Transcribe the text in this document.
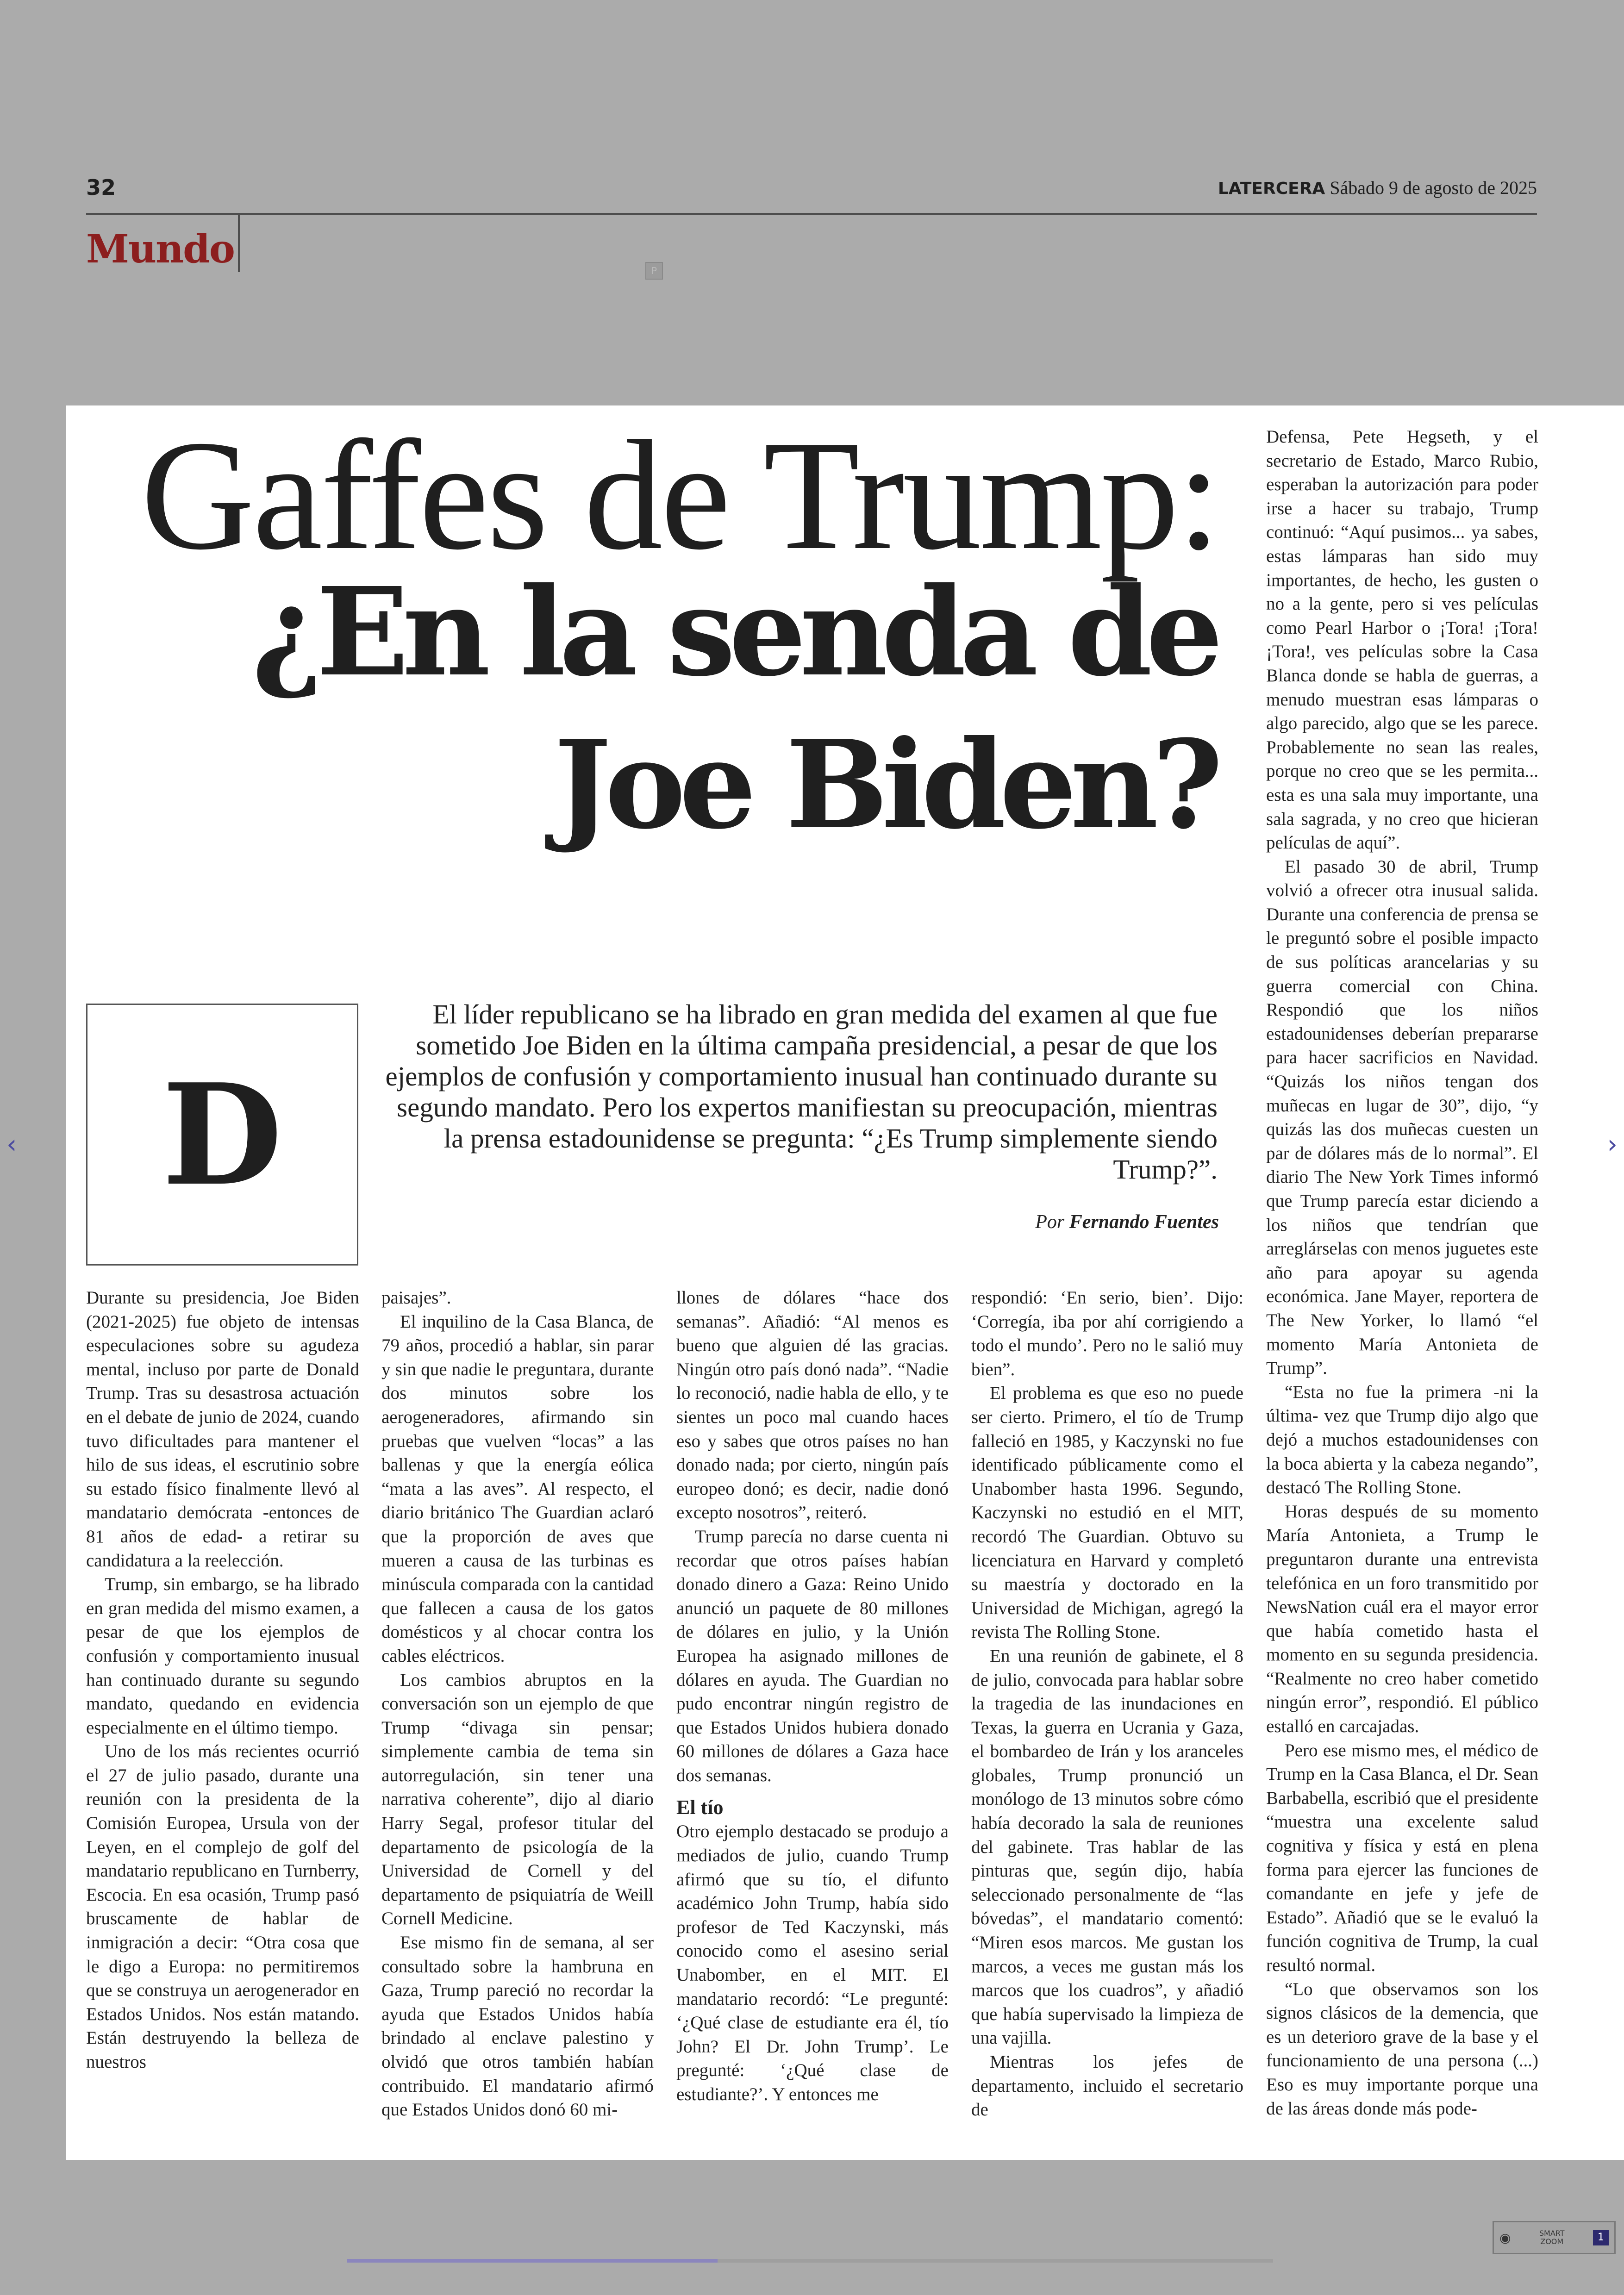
32	LATERCERA Sábado 9 de agosto de 2025
Mundo	P
Gaffes de Trump:
¿En la senda de
Joe Biden?
D
El líder republicano se ha librado en gran medida del examen al que fue sometido Joe Biden en la última campaña presidencial, a pesar de que los ejemplos de confusión y comportamiento inusual han continuado durante su segundo mandato. Pero los expertos manifiestan su preocupación, mientras la prensa estadounidense se pregunta: “¿Es Trump simplemente siendo Trump?”.
Por Fernando Fuentes

Durante su presidencia, Joe Biden (2021-2025) fue objeto de intensas especulaciones sobre su agudeza mental, incluso por parte de Donald Trump. Tras su desastrosa actuación en el debate de junio de 2024, cuando tuvo dificultades para mantener el hilo de sus ideas, el escrutinio sobre su estado físico finalmente llevó al mandatario demócrata -entonces de 81 años de edad- a retirar su candidatura a la reelección.

Trump, sin embargo, se ha librado en gran medida del mismo examen, a pesar de que los ejemplos de confusión y comportamiento inusual han continuado durante su segundo mandato, quedando en evidencia especialmente en el último tiempo.

Uno de los más recientes ocurrió el 27 de julio pasado, durante una reunión con la presidenta de la Comisión Europea, Ursula von der Leyen, en el complejo de golf del mandatario republicano en Turnberry, Escocia. En esa ocasión, Trump pasó bruscamente de hablar de inmigración a decir: “Otra cosa que le digo a Europa: no permitiremos que se construya un aerogenerador en Estados Unidos. Nos están matando. Están destruyendo la belleza de nuestros

paisajes”.

El inquilino de la Casa Blanca, de 79 años, procedió a hablar, sin parar y sin que nadie le preguntara, durante dos minutos sobre los aerogeneradores, afirmando sin pruebas que vuelven “locas” a las ballenas y que la energía eólica “mata a las aves”. Al respecto, el diario británico The Guardian aclaró que la proporción de aves que mueren a causa de las turbinas es minúscula comparada con la cantidad que fallecen a causa de los gatos domésticos y al chocar contra los cables eléctricos.

Los cambios abruptos en la conversación son un ejemplo de que Trump “divaga sin pensar; simplemente cambia de tema sin autorregulación, sin tener una narrativa coherente”, dijo al diario Harry Segal, profesor titular del departamento de psicología de la Universidad de Cornell y del departamento de psiquiatría de Weill Cornell Medicine.

Ese mismo fin de semana, al ser consultado sobre la hambruna en Gaza, Trump pareció no recordar la ayuda que Estados Unidos había brindado al enclave palestino y olvidó que otros también habían contribuido. El mandatario afirmó que Estados Unidos donó 60 mi-

llones de dólares “hace dos semanas”. Añadió: “Al menos es bueno que alguien dé las gracias. Ningún otro país donó nada”. “Nadie lo reconoció, nadie habla de ello, y te sientes un poco mal cuando haces eso y sabes que otros países no han donado nada; por cierto, ningún país europeo donó; es decir, nadie donó excepto nosotros”, reiteró.

Trump parecía no darse cuenta ni recordar que otros países habían donado dinero a Gaza: Reino Unido anunció un paquete de 80 millones de dólares en julio, y la Unión Europea ha asignado millones de dólares en ayuda. The Guardian no pudo encontrar ningún registro de que Estados Unidos hubiera donado 60 millones de dólares a Gaza hace dos semanas.

El tío

Otro ejemplo destacado se produjo a mediados de julio, cuando Trump afirmó que su tío, el difunto académico John Trump, había sido profesor de Ted Kaczynski, más conocido como el asesino serial Unabomber, en el MIT. El mandatario recordó: “Le pregunté: ‘¿Qué clase de estudiante era él, tío John? El Dr. John Trump’. Le pregunté: ‘¿Qué clase de estudiante?’. Y entonces me

respondió: ‘En serio, bien’. Dijo: ‘Corregía, iba por ahí corrigiendo a todo el mundo’. Pero no le salió muy bien”.

El problema es que eso no puede ser cierto. Primero, el tío de Trump falleció en 1985, y Kaczynski no fue identificado públicamente como el Unabomber hasta 1996. Segundo, Kaczynski no estudió en el MIT, recordó The Guardian. Obtuvo su licenciatura en Harvard y completó su maestría y doctorado en la Universidad de Michigan, agregó la revista The Rolling Stone.

En una reunión de gabinete, el 8 de julio, convocada para hablar sobre la tragedia de las inundaciones en Texas, la guerra en Ucrania y Gaza, el bombardeo de Irán y los aranceles globales, Trump pronunció un monólogo de 13 minutos sobre cómo había decorado la sala de reuniones del gabinete. Tras hablar de las pinturas que, según dijo, había seleccionado personalmente de “las bóvedas”, el mandatario comentó: “Miren esos marcos. Me gustan los marcos, a veces me gustan más los marcos que los cuadros”, y añadió que había supervisado la limpieza de una vajilla.

Mientras los jefes de departamento, incluido el secretario de

Defensa, Pete Hegseth, y el secretario de Estado, Marco Rubio, esperaban la autorización para poder irse a hacer su trabajo, Trump continuó: “Aquí pusimos... ya sabes, estas lámparas han sido muy importantes, de hecho, les gusten o no a la gente, pero si ves películas como Pearl Harbor o ¡Tora! ¡Tora! ¡Tora!, ves películas sobre la Casa Blanca donde se habla de guerras, a menudo muestran esas lámparas o algo parecido, algo que se les parece. Probablemente no sean las reales, porque no creo que se les permita... esta es una sala muy importante, una sala sagrada, y no creo que hicieran películas de aquí”.

El pasado 30 de abril, Trump volvió a ofrecer otra inusual salida. Durante una conferencia de prensa se le preguntó sobre el posible impacto de sus políticas arancelarias y su guerra comercial con China. Respondió que los niños estadounidenses deberían prepararse para hacer sacrificios en Navidad. “Quizás los niños tengan dos muñecas en lugar de 30”, dijo, “y quizás las dos muñecas cuesten un par de dólares más de lo normal”. El diario The New York Times informó que Trump parecía estar diciendo a los niños que tendrían que arreglárselas con menos juguetes este año para apoyar su agenda económica. Jane Mayer, reportera de The New Yorker, lo llamó “el momento María Antonieta de Trump”.

“Esta no fue la primera -ni la última- vez que Trump dijo algo que dejó a muchos estadounidenses con la boca abierta y la cabeza negando”, destacó The Rolling Stone.

Horas después de su momento María Antonieta, a Trump le preguntaron durante una entrevista telefónica en un foro transmitido por NewsNation cuál era el mayor error que había cometido hasta el momento en su segunda presidencia. “Realmente no creo haber cometido ningún error”, respondió. El público estalló en carcajadas.

Pero ese mismo mes, el médico de Trump en la Casa Blanca, el Dr. Sean Barbabella, escribió que el presidente “muestra una excelente salud cognitiva y física y está en plena forma para ejercer las funciones de comandante en jefe y jefe de Estado”. Añadió que se le evaluó la función cognitiva de Trump, la cual resultó normal.

“Lo que observamos son los signos clásicos de la demencia, que es un deterioro grave de la base y el funcionamiento de una persona (...) Eso es muy importante porque una de las áreas donde más pode-

‹	›
◉	SMART
ZOOM	1
